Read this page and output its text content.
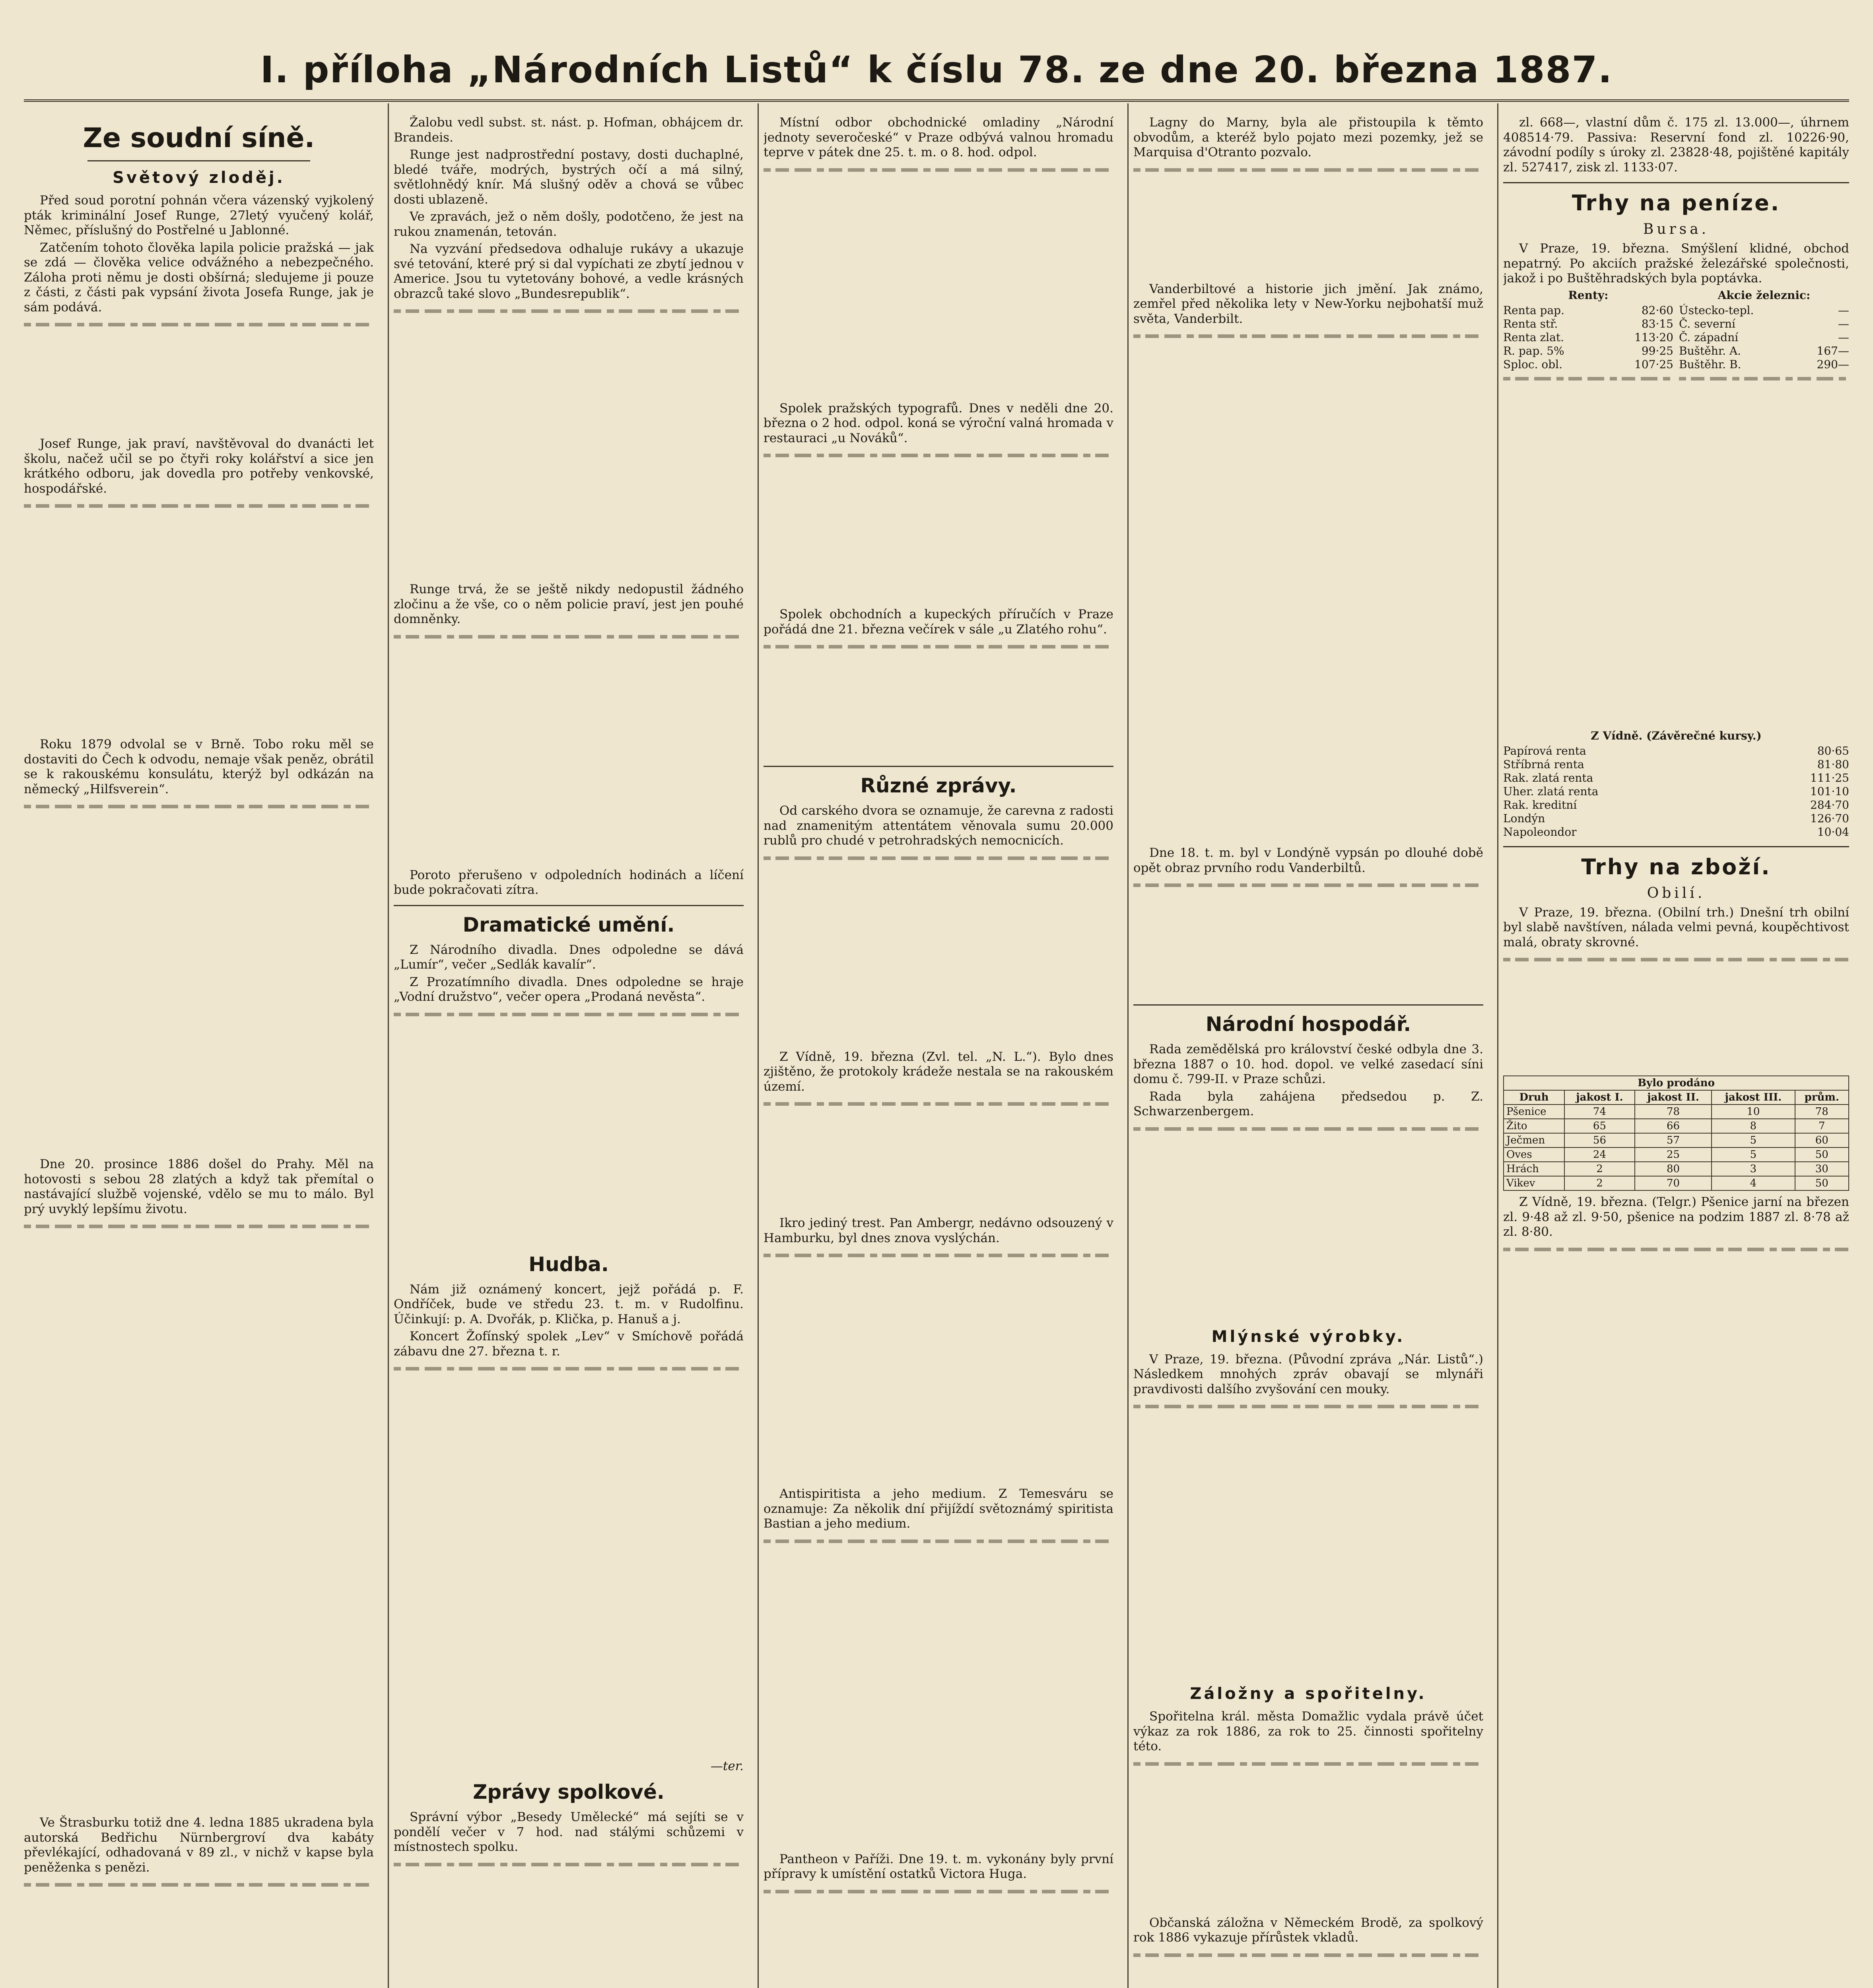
I. příloha „Národních Listů“ k číslu 78. ze dne 20. března 1887.
Ze soudní síně.
Světový zloděj.

Před soud porotní pohnán včera vázenský vyjkolený pták kriminální Josef Runge, 27letý vyučený kolář, Němec, příslušný do Postřelné u Jablonné.

Zatčením tohoto člověka lapila policie pražská — jak se zdá — člověka velice odvážného a nebezpečného. Záloha proti němu je dosti obšírná; sledujeme ji pouze z části, z části pak vypsání života Josefa Runge, jak je sám podává.

Josef Runge, jak praví, navštěvoval do dvanácti let školu, načež učil se po čtyři roky kolářství a sice jen krátkého odboru, jak dovedla pro potřeby venkovské, hospodářské.

Roku 1879 odvolal se v Brně. Tobo roku měl se dostaviti do Čech k odvodu, nemaje však peněz, obrátil se k rakouskému konsulátu, kterýž byl odkázán na německý „Hilfsverein“.

Dne 20. prosince 1886 došel do Prahy. Měl na hotovosti s sebou 28 zlatých a když tak přemítal o nastávající službě vojenské, vdělo se mu to málo. Byl prý uvyklý lepšímu životu.

Ve Štrasburku totiž dne 4. ledna 1885 ukradena byla autorská Bedřichu Nürnbergroví dva kabáty převlékající, odhadovaná v 89 zl., v nichž v kapse byla peněženka s penězi.

Žalobu vedl subst. st. nást. p. Hofman, obhájcem dr. Brandeis.

Runge jest nadprostřední postavy, dosti duchaplné, bledé tváře, modrých, bystrých očí a má silný, světlohnědý knír. Má slušný oděv a chová se vůbec dosti ublazeně.

Ve zpravách, jež o něm došly, podotčeno, že jest na rukou znamenán, tetován.

Na vyzvání předsedova odhaluje rukávy a ukazuje své tetování, které prý si dal vypíchati ze zbytí jednou v Americe. Jsou tu vytetovány bohové, a vedle krásných obrazců také slovo „Bundesrepublik“.

Runge trvá, že se ještě nikdy nedopustil žádného zločinu a že vše, co o něm policie praví, jest jen pouhé domněnky.

Poroto přerušeno v odpoledních hodinách a líčení bude pokračovati zítra.

Dramatické umění.

Z Národního divadla. Dnes odpoledne se dává „Lumír“, večer „Sedlák kavalír“.

Z Prozatímního divadla. Dnes odpoledne se hraje „Vodní družstvo“, večer opera „Prodaná nevěsta“.

Hudba.

Nám již oznámený koncert, jejž pořádá p. F. Ondříček, bude ve středu 23. t. m. v Rudolfinu. Účinkují: p. A. Dvořák, p. Klička, p. Hanuš a j.

Koncert Žofínský spolek „Lev“ v Smíchově pořádá zábavu dne 27. března t. r.

—ter.
Zprávy spolkové.

Správní výbor „Besedy Umělecké“ má sejíti se v pondělí večer v 7 hod. nad stálými schůzemi v místnostech spolku.

Místní odbor obchodnické omladiny „Národní jednoty severočeské“ v Praze odbývá valnou hromadu teprve v pátek dne 25. t. m. o 8. hod. odpol.

Spolek pražských typografů. Dnes v neděli dne 20. března o 2 hod. odpol. koná se výroční valná hromada v restauraci „u Nováků“.

Spolek obchodních a kupeckých příručích v Praze pořádá dne 21. března večírek v sále „u Zlatého rohu“.

Různé zprávy.

Od carského dvora se oznamuje, že carevna z radosti nad znamenitým attentátem věnovala sumu 20.000 rublů pro chudé v petrohradských nemocnicích.

Z Vídně, 19. března (Zvl. tel. „N. L.“). Bylo dnes zjištěno, že protokoly krádeže nestala se na rakouském území.

Ikro jediný trest. Pan Ambergr, nedávno odsouzený v Hamburku, byl dnes znova vyslýchán.

Antispiritista a jeho medium. Z Temesváru se oznamuje: Za několik dní přijíždí světoznámý spiritista Bastian a jeho medium.

Pantheon v Paříži. Dne 19. t. m. vykonány byly první přípravy k umístění ostatků Victora Huga.

Lagny do Marny, byla ale přistoupila k těmto obvodům, a kteréž bylo pojato mezi pozemky, jež se Marquisa d'Otranto pozvalo.

Vanderbiltové a historie jich jmění. Jak známo, zemřel před několika lety v New-Yorku nejbohatší muž světa, Vanderbilt.

Dne 18. t. m. byl v Londýně vypsán po dlouhé době opět obraz prvního rodu Vanderbiltů.

Národní hospodář.

Rada zemědělská pro království české odbyla dne 3. března 1887 o 10. hod. dopol. ve velké zasedací síni domu č. 799-II. v Praze schůzi.

Rada byla zahájena předsedou p. Z. Schwarzenbergem.

Mlýnské výrobky.

V Praze, 19. března. (Původní zpráva „Nár. Listů“.) Následkem mnohých zpráv obavají se mlynáři pravdivosti dalšího zvyšování cen mouky.

Záložny a spořitelny.

Spořitelna král. města Domažlic vydala právě účet výkaz za rok 1886, za rok to 25. činnosti spořitelny této.

Občanská záložna v Německém Brodě, za spolkový rok 1886 vykazuje přírůstek vkladů.

zl. 668—, vlastní dům č. 175 zl. 13.000—, úhrnem 408514·79. Passiva: Reservní fond zl. 10226·90, závodní podíly s úroky zl. 23828·48, pojištěné kapitály zl. 527417, zisk zl. 1133·07.

Trhy na peníze.
Bursa.

V Praze, 19. března. Smýšlení klidné, obchod nepatrný. Po akciích pražské železářské společnosti, jakož i po Buštěhradských byla poptávka.

Renty:
Renta pap.	82·60
Renta stř.	83·15
Renta zlat.	113·20
R. pap. 5%	99·25
Sploc. obl.	107·25
Akcie železnic:
Ústecko-tepl.	—
Č. severní	—
Č. západní	—
Buštěhr. A.	167—
Buštěhr. B.	290—
Z Vídně. (Závěrečné kursy.)
Papírová renta	80·65
Stříbrná renta	81·80
Rak. zlatá renta	111·25
Uher. zlatá renta	101·10
Rak. kreditní	284·70
Londýn	126·70
Napoleondor	10·04
Trhy na zboží.
Obilí.

V Praze, 19. března. (Obilní trh.) Dnešní trh obilní byl slabě navštíven, nálada velmi pevná, koupěchtivost malá, obraty skrovné.

Bylo prodáno				
Druh	jakost I.	jakost II.	jakost III.	prům.
Pšenice	74	78	10	78
Žito	65	66	8	7
Ječmen	56	57	5	60
Oves	24	25	5	50
Hrách	2	80	3	30
Vikev	2	70	4	50

Z Vídně, 19. března. (Telgr.) Pšenice jarní na březen zl. 9·48 až zl. 9·50, pšenice na podzim 1887 zl. 8·78 až zl. 8·80.
